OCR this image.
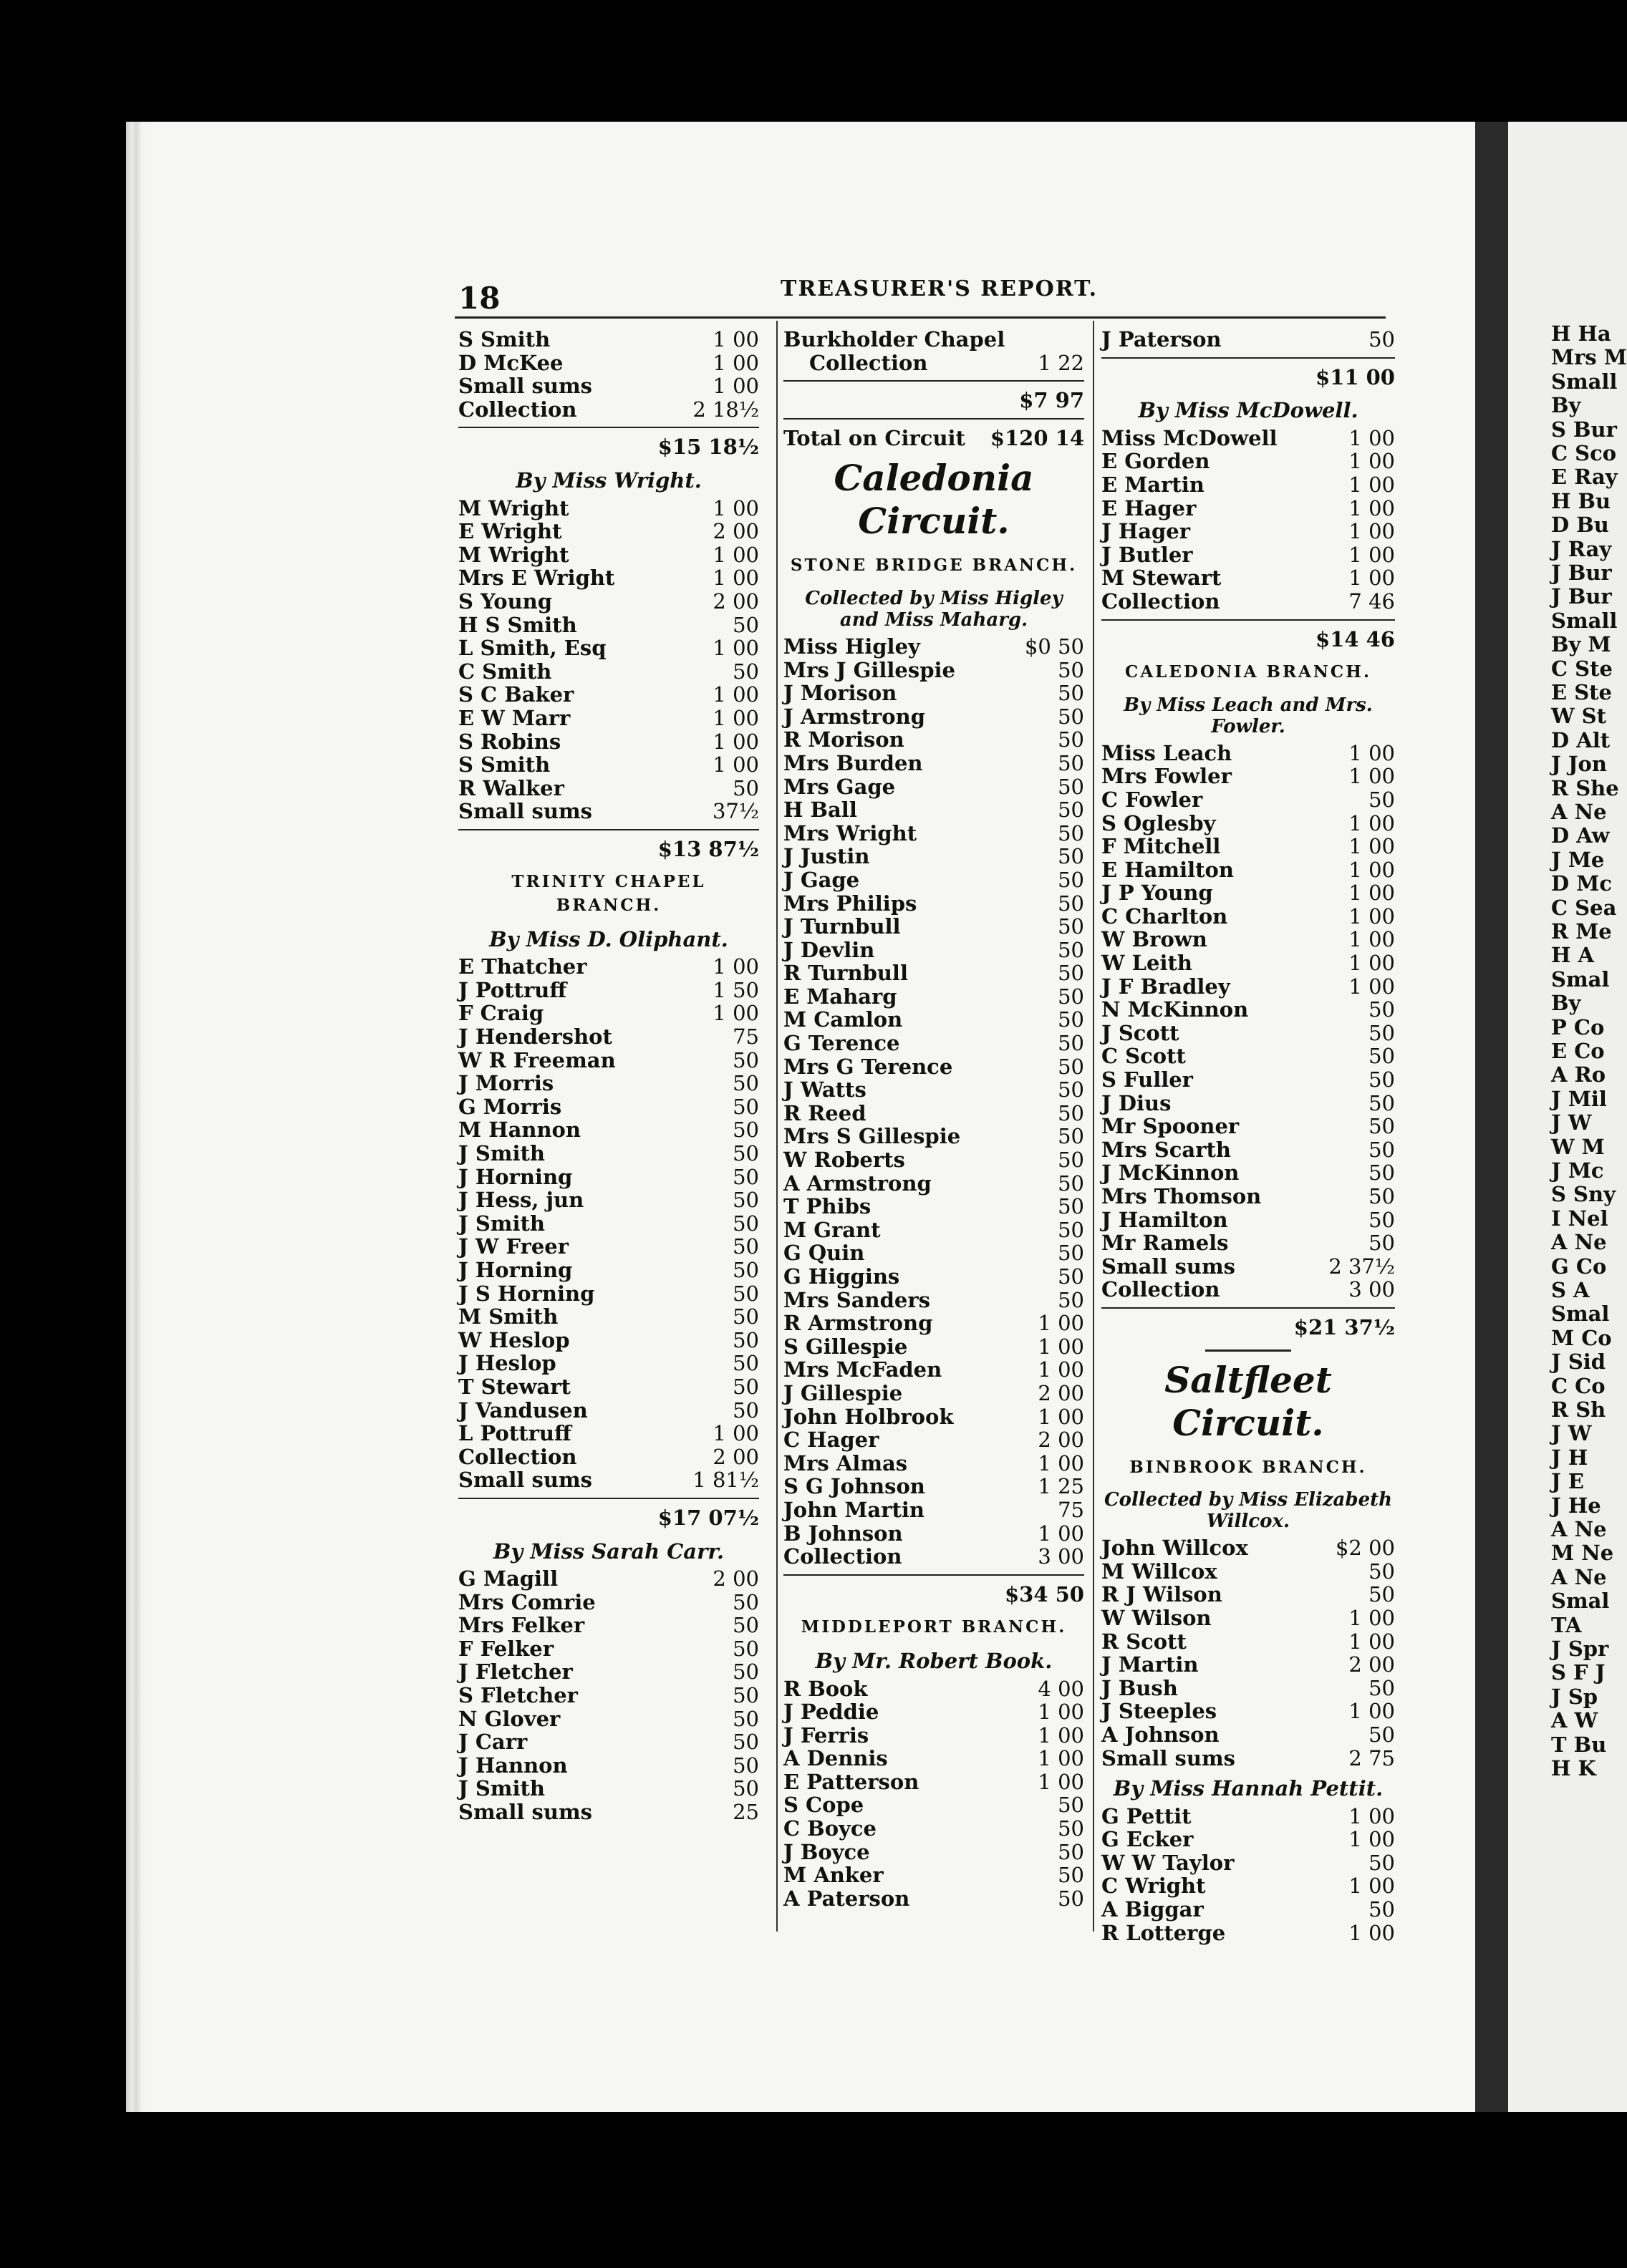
H Ha
Mrs M
Small
By
S Bur
C Sco
E Ray
H Bu
D Bu
J Ray
J Bur
J Bur
Small
By M
C Ste
E Ste
W St
D Alt
J Jon
R She
A Ne
D Aw
J Me
D Mc
C Sea
R Me
H A
Smal
By
P Co
E Co
A Ro
J Mil
J W
W M
J Mc
S Sny
I Nel
A Ne
G Co
S A
Smal
M Co
J Sid
C Co
R Sh
J W
J H
J E
J He
A Ne
M Ne
A Ne
Smal
TA
J Spr
S F J
J Sp
A W
T Bu
H K
18	TREASURER'S REPORT.
S Smith	1 00
D McKee	1 00
Small sums	1 00
Collection	2 18½
$15 18½
By Miss Wright.
M Wright	1 00
E Wright	2 00
M Wright	1 00
Mrs E Wright	1 00
S Young	2 00
H S Smith	50
L Smith, Esq	1 00
C Smith	50
S C Baker	1 00
E W Marr	1 00
S Robins	1 00
S Smith	1 00
R Walker	50
Small sums	37½
$13 87½
TRINITY CHAPEL BRANCH.
By Miss D. Oliphant.
E Thatcher	1 00
J Pottruff	1 50
F Craig	1 00
J Hendershot	75
W R Freeman	50
J Morris	50
G Morris	50
M Hannon	50
J Smith	50
J Horning	50
J Hess, jun	50
J Smith	50
J W Freer	50
J Horning	50
J S Horning	50
M Smith	50
W Heslop	50
J Heslop	50
T Stewart	50
J Vandusen	50
L Pottruff	1 00
Collection	2 00
Small sums	1 81½
$17 07½
By Miss Sarah Carr.
G Magill	2 00
Mrs Comrie	50
Mrs Felker	50
F Felker	50
J Fletcher	50
S Fletcher	50
N Glover	50
J Carr	50
J Hannon	50
J Smith	50
Small sums	25
Burkholder Chapel
Collection	1 22
$7 97
Total on Circuit $120 14
Caledonia Circuit.
STONE BRIDGE BRANCH.
Collected by Miss Higley and Miss Maharg.
Miss Higley	$0 50
Mrs J Gillespie	50
J Morison	50
J Armstrong	50
R Morison	50
Mrs Burden	50
Mrs Gage	50
H Ball	50
Mrs Wright	50
J Justin	50
J Gage	50
Mrs Philips	50
J Turnbull	50
J Devlin	50
R Turnbull	50
E Maharg	50
M Camlon	50
G Terence	50
Mrs G Terence	50
J Watts	50
R Reed	50
Mrs S Gillespie	50
W Roberts	50
A Armstrong	50
T Phibs	50
M Grant	50
G Quin	50
G Higgins	50
Mrs Sanders	50
R Armstrong	1 00
S Gillespie	1 00
Mrs McFaden	1 00
J Gillespie	2 00
John Holbrook	1 00
C Hager	2 00
Mrs Almas	1 00
S G Johnson	1 25
John Martin	75
B Johnson	1 00
Collection	3 00
$34 50
MIDDLEPORT BRANCH.
By Mr. Robert Book.
R Book	4 00
J Peddie	1 00
J Ferris	1 00
A Dennis	1 00
E Patterson	1 00
S Cope	50
C Boyce	50
J Boyce	50
M Anker	50
A Paterson	50
J Paterson	50
$11 00
By Miss McDowell.
Miss McDowell	1 00
E Gorden	1 00
E Martin	1 00
E Hager	1 00
J Hager	1 00
J Butler	1 00
M Stewart	1 00
Collection	7 46
$14 46
CALEDONIA BRANCH.
By Miss Leach and Mrs. Fowler.
Miss Leach	1 00
Mrs Fowler	1 00
C Fowler	50
S Oglesby	1 00
F Mitchell	1 00
E Hamilton	1 00
J P Young	1 00
C Charlton	1 00
W Brown	1 00
W Leith	1 00
J F Bradley	1 00
N McKinnon	50
J Scott	50
C Scott	50
S Fuller	50
J Dius	50
Mr Spooner	50
Mrs Scarth	50
J McKinnon	50
Mrs Thomson	50
J Hamilton	50
Mr Ramels	50
Small sums	2 37½
Collection	3 00
$21 37½
Saltfleet Circuit.
BINBROOK BRANCH.
Collected by Miss Elizabeth Willcox.
John Willcox	$2 00
M Willcox	50
R J Wilson	50
W Wilson	1 00
R Scott	1 00
J Martin	2 00
J Bush	50
J Steeples	1 00
A Johnson	50
Small sums	2 75
By Miss Hannah Pettit.
G Pettit	1 00
G Ecker	1 00
W W Taylor	50
C Wright	1 00
A Biggar	50
R Lotterge	1 00
